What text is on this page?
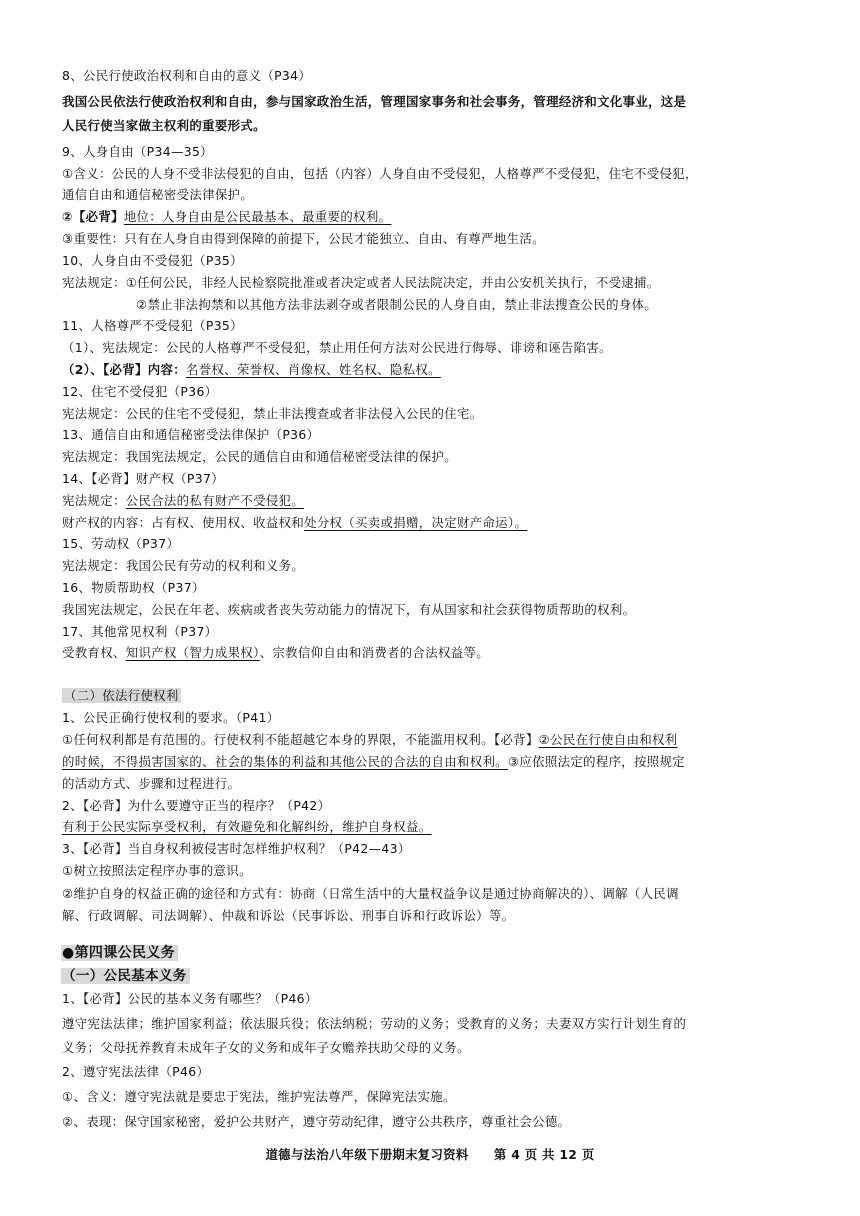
8、公民行使政治权利和自由的意义（P34）
我国公民依法行使政治权利和自由，参与国家政治生活，管理国家事务和社会事务，管理经济和文化事业，这是
人民行使当家做主权利的重要形式。
9、人身自由（P34—35）
①含义：公民的人身不受非法侵犯的自由，包括（内容）人身自由不受侵犯，人格尊严不受侵犯，住宅不受侵犯，
通信自由和通信秘密受法律保护。
②【必背】地位：人身自由是公民最基本、最重要的权利。
③重要性：只有在人身自由得到保障的前提下，公民才能独立、自由、有尊严地生活。
10、人身自由不受侵犯（P35）
宪法规定：①任何公民，非经人民检察院批准或者决定或者人民法院决定，并由公安机关执行，不受逮捕。
②禁止非法拘禁和以其他方法非法剥夺或者限制公民的人身自由，禁止非法搜查公民的身体。
11、人格尊严不受侵犯（P35）
（1）、宪法规定：公民的人格尊严不受侵犯，禁止用任何方法对公民进行侮辱、诽谤和诬告陷害。
（2）、【必背】内容：名誉权、荣誉权、肖像权、姓名权、隐私权。
12、住宅不受侵犯（P36）
宪法规定：公民的住宅不受侵犯，禁止非法搜查或者非法侵入公民的住宅。
13、通信自由和通信秘密受法律保护（P36）
宪法规定：我国宪法规定，公民的通信自由和通信秘密受法律的保护。
14、【必背】财产权（P37）
宪法规定：公民合法的私有财产不受侵犯。
财产权的内容：占有权、使用权、收益权和处分权（买卖或捐赠，决定财产命运）。
15、劳动权（P37）
宪法规定：我国公民有劳动的权利和义务。
16、物质帮助权（P37）
我国宪法规定，公民在年老、疾病或者丧失劳动能力的情况下，有从国家和社会获得物质帮助的权利。
17、其他常见权利（P37）
受教育权、知识产权（智力成果权）、宗教信仰自由和消费者的合法权益等。
（二）依法行使权利
1、公民正确行使权利的要求。（P41）
①任何权利都是有范围的。行使权利不能超越它本身的界限，不能滥用权利。【必背】②公民在行使自由和权利
的时候，不得损害国家的、社会的集体的利益和其他公民的合法的自由和权利。③应依照法定的程序，按照规定
的活动方式、步骤和过程进行。
2、【必背】为什么要遵守正当的程序？（P42）
有利于公民实际享受权利，有效避免和化解纠纷，维护自身权益。
3、【必背】当自身权利被侵害时怎样维护权利？（P42—43）
①树立按照法定程序办事的意识。
②维护自身的权益正确的途径和方式有：协商（日常生活中的大量权益争议是通过协商解决的）、调解（人民调
解、行政调解、司法调解）、仲裁和诉讼（民事诉讼、刑事自诉和行政诉讼）等。
●第四课公民义务
（一）公民基本义务
1、【必背】公民的基本义务有哪些？（P46）
遵守宪法法律；维护国家利益；依法服兵役；依法纳税；劳动的义务；受教育的义务；夫妻双方实行计划生育的
义务；父母抚养教育未成年子女的义务和成年子女赡养扶助父母的义务。
2、遵守宪法法律（P46）
①、含义：遵守宪法就是要忠于宪法，维护宪法尊严，保障宪法实施。
②、表现：保守国家秘密，爱护公共财产，遵守劳动纪律，遵守公共秩序，尊重社会公德。
道德与法治八年级下册期末复习资料　　第 4 页 共 12 页
